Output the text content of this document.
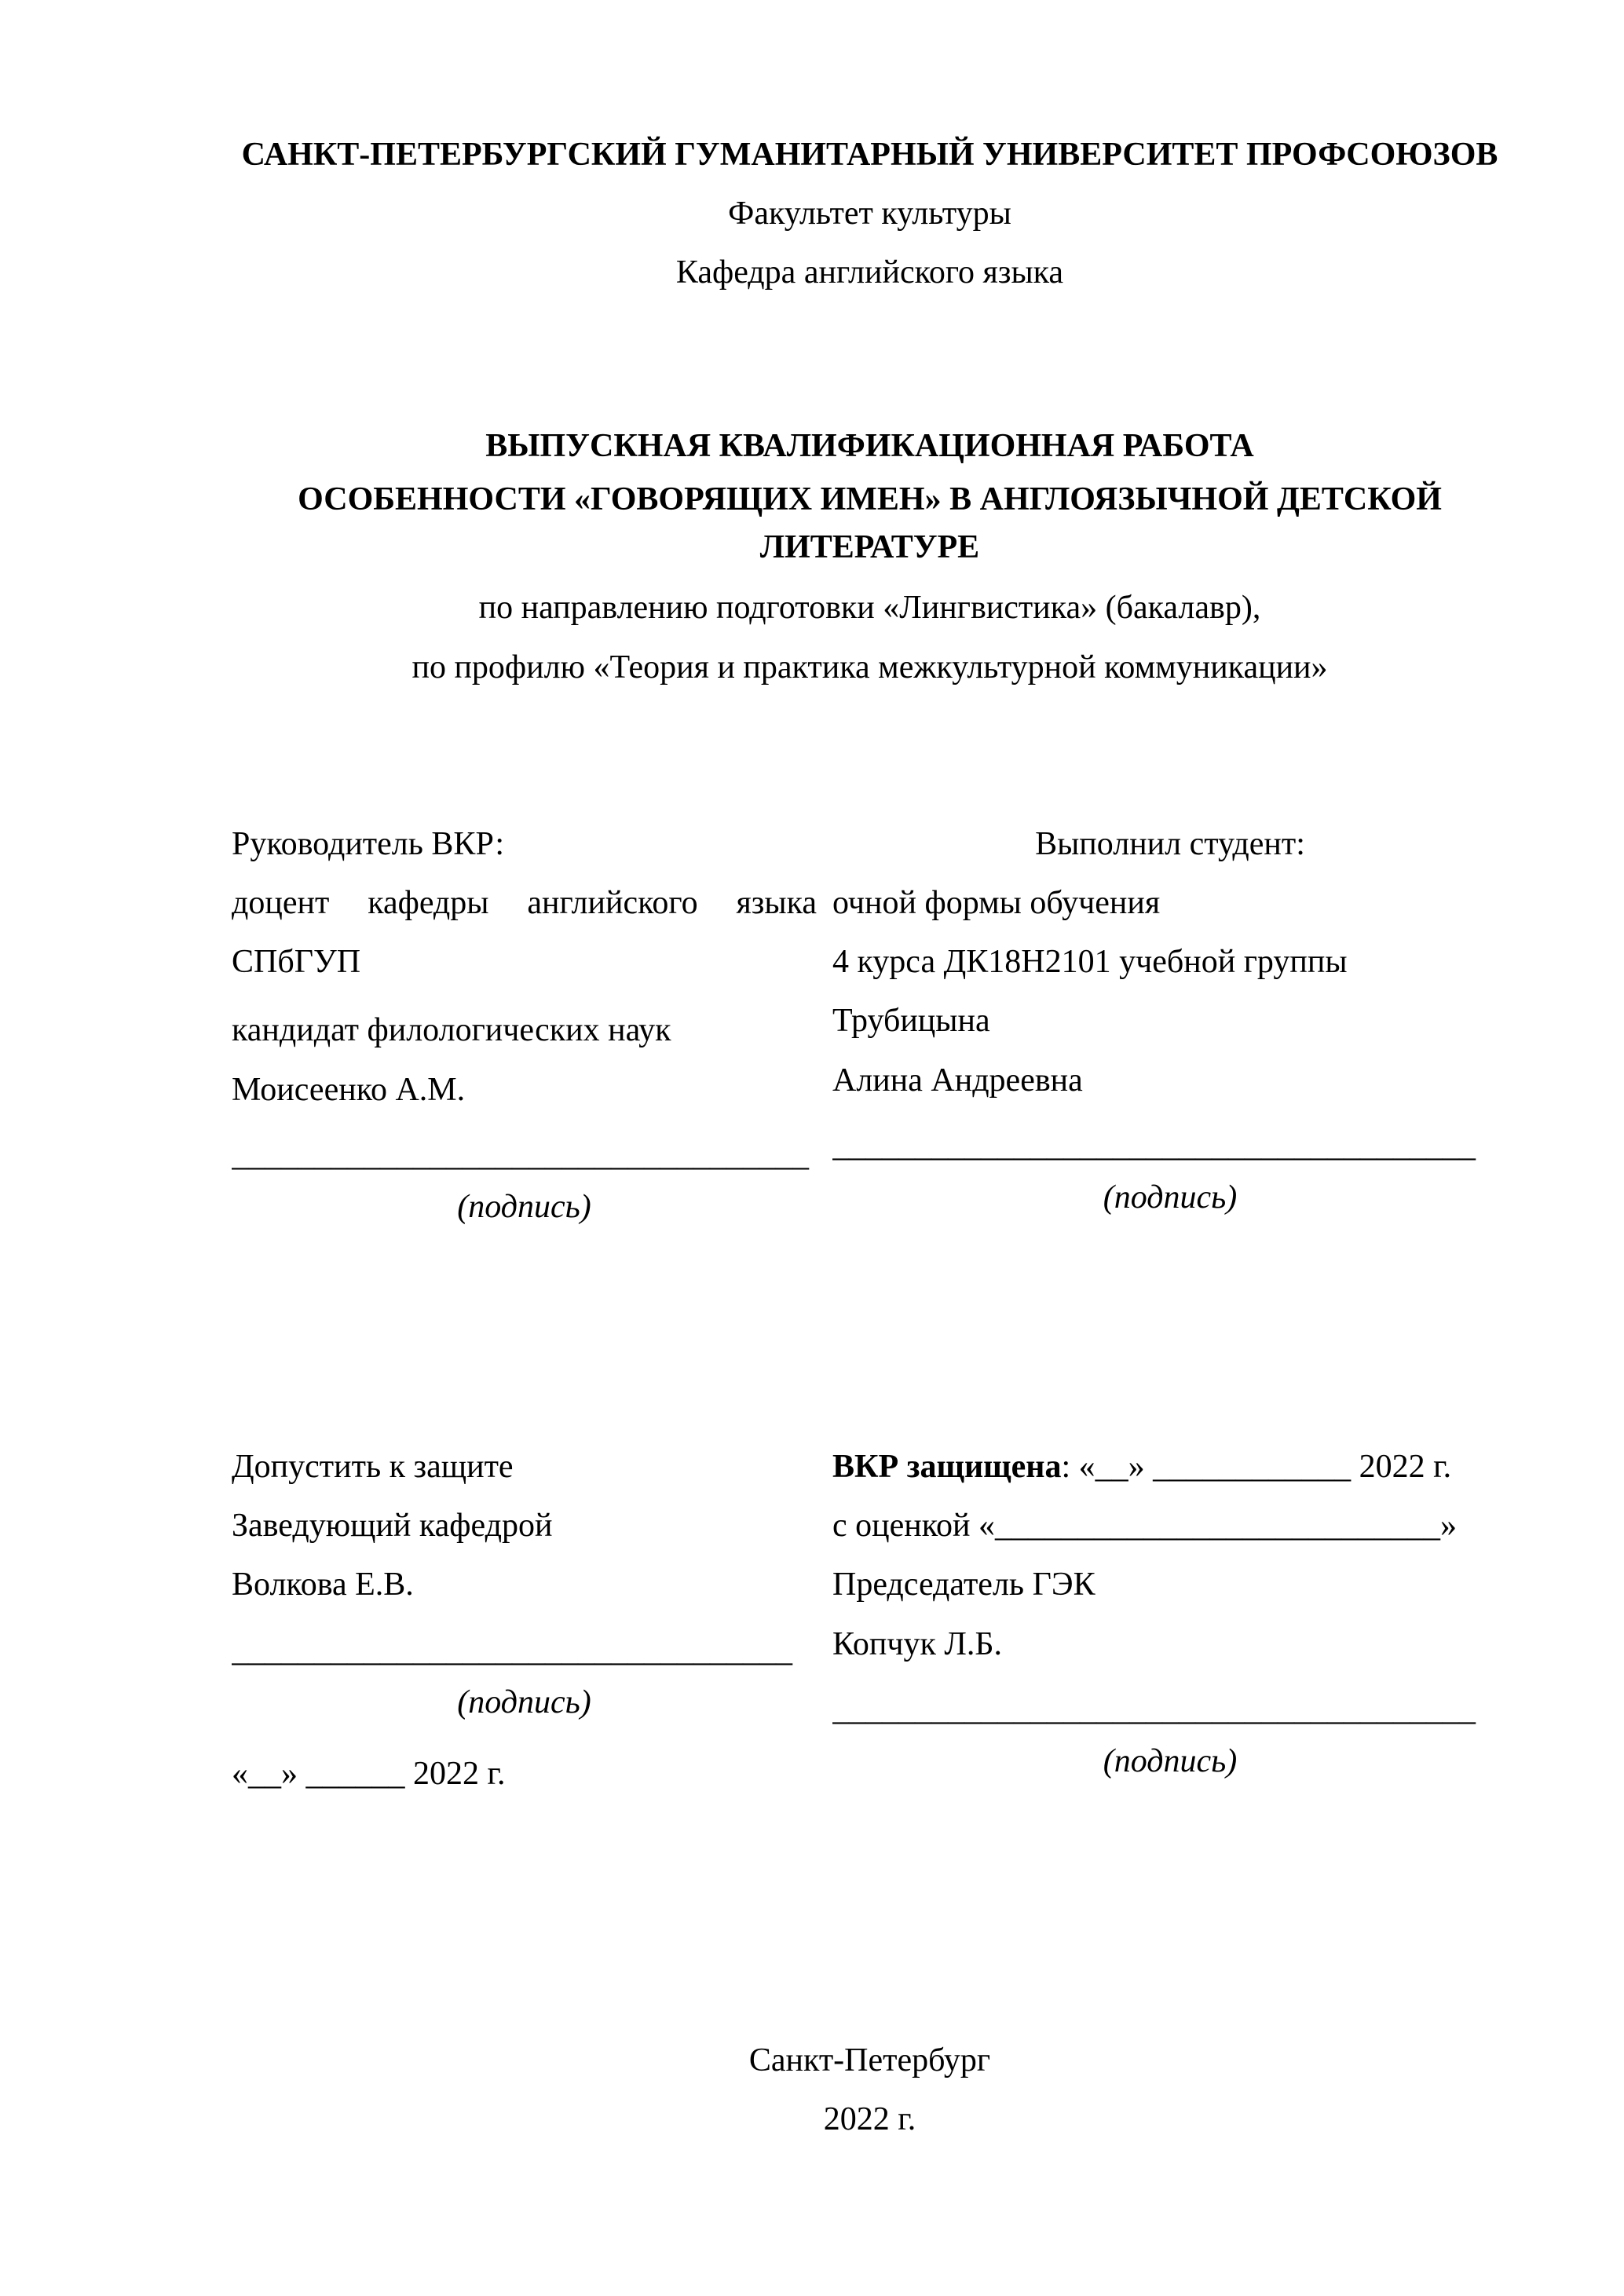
САНКТ-ПЕТЕРБУРГСКИЙ ГУМАНИТАРНЫЙ УНИВЕРСИТЕТ ПРОФСОЮЗОВ
Факультет культуры
Кафедра английского языка
ВЫПУСКНАЯ КВАЛИФИКАЦИОННАЯ РАБОТА
ОСОБЕННОСТИ «ГОВОРЯЩИХ ИМЕН» В АНГЛОЯЗЫЧНОЙ ДЕТСКОЙ ЛИТЕРАТУРЕ
по направлению подготовки «Лингвистика» (бакалавр),
по профилю «Теория и практика межкультурной коммуникации»
Руководитель ВКР:
доцент кафедры английского языка СПбГУП
кандидат филологических наук
Моисеенко А.М.
___________________________________
(подпись)
Выполнил студент:
очной формы обучения
4 курса ДК18Н2101 учебной группы
Трубицына
Алина Андреевна
_______________________________________
(подпись)
Допустить к защите
Заведующий кафедрой
Волкова Е.В.
__________________________________
(подпись)
«__» ______ 2022 г.
ВКР защищена: «__» ____________ 2022 г.
с оценкой «___________________________»
Председатель ГЭК
Копчук Л.Б.
_______________________________________
(подпись)
Санкт-Петербург
2022 г.
